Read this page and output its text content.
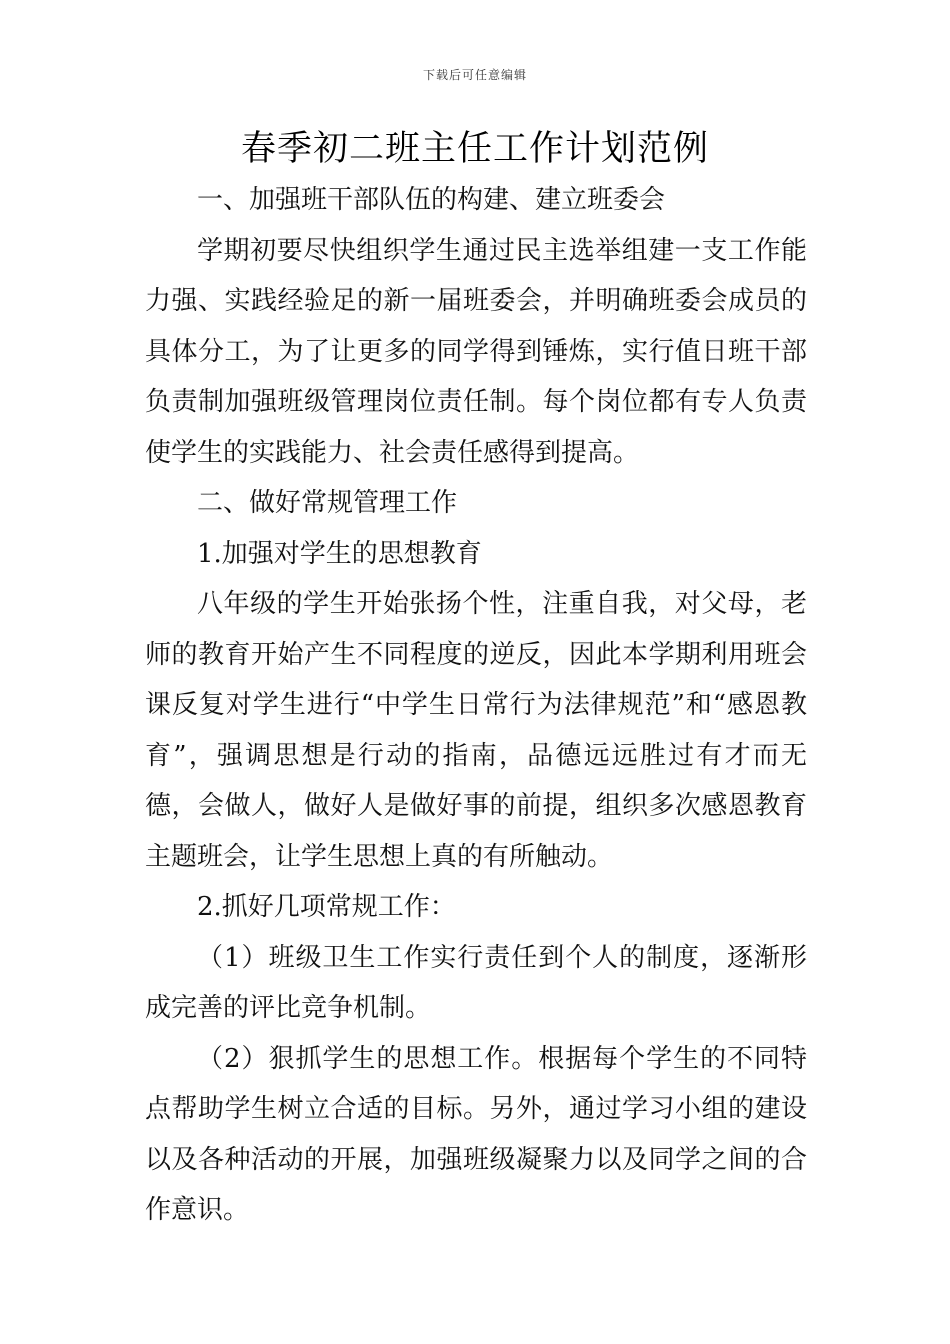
下载后可任意编辑
春季初二班主任工作计划范例

一、加强班干部队伍的构建、建立班委会

学期初要尽快组织学生通过民主选举组建一支工作能力强、实践经验足的新一届班委会，并明确班委会成员的具体分工，为了让更多的同学得到锤炼，实行值日班干部负责制加强班级管理岗位责任制。每个岗位都有专人负责使学生的实践能力、社会责任感得到提高。

二、做好常规管理工作

1.加强对学生的思想教育

八年级的学生开始张扬个性，注重自我，对父母，老师的教育开始产生不同程度的逆反，因此本学期利用班会课反复对学生进行“中学生日常行为法律规范”和“感恩教育”，强调思想是行动的指南，品德远远胜过有才而无德，会做人，做好人是做好事的前提，组织多次感恩教育主题班会，让学生思想上真的有所触动。

2.抓好几项常规工作：

（1）班级卫生工作实行责任到个人的制度，逐渐形成完善的评比竞争机制。

（2）狠抓学生的思想工作。根据每个学生的不同特点帮助学生树立合适的目标。另外，通过学习小组的建设以及各种活动的开展，加强班级凝聚力以及同学之间的合作意识。
